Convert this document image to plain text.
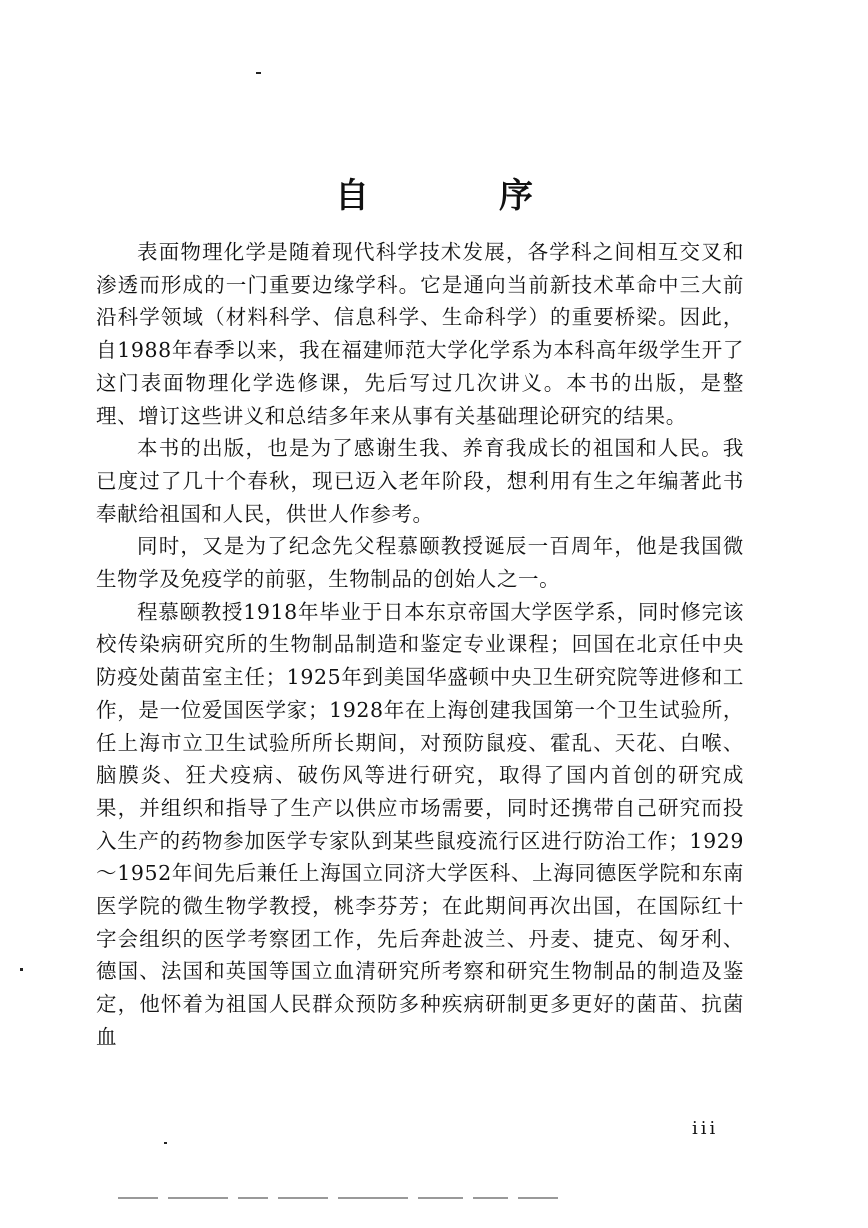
自　序

表面物理化学是随着现代科学技术发展，各学科之间相互交叉和渗透而形成的一门重要边缘学科。它是通向当前新技术革命中三大前沿科学领域（材料科学、信息科学、生命科学）的重要桥梁。因此，自1988年春季以来，我在福建师范大学化学系为本科高年级学生开了这门表面物理化学选修课，先后写过几次讲义。本书的出版，是整理、增订这些讲义和总结多年来从事有关基础理论研究的结果。

本书的出版，也是为了感谢生我、养育我成长的祖国和人民。我已度过了几十个春秋，现已迈入老年阶段，想利用有生之年编著此书奉献给祖国和人民，供世人作参考。

同时，又是为了纪念先父程慕颐教授诞辰一百周年，他是我国微生物学及免疫学的前驱，生物制品的创始人之一。

程慕颐教授1918年毕业于日本东京帝国大学医学系，同时修完该校传染病研究所的生物制品制造和鉴定专业课程；回国在北京任中央防疫处菌苗室主任；1925年到美国华盛顿中央卫生研究院等进修和工作，是一位爱国医学家；1928年在上海创建我国第一个卫生试验所，任上海市立卫生试验所所长期间，对预防鼠疫、霍乱、天花、白喉、脑膜炎、狂犬疫病、破伤风等进行研究，取得了国内首创的研究成果，并组织和指导了生产以供应市场需要，同时还携带自己研究而投入生产的药物参加医学专家队到某些鼠疫流行区进行防治工作；1929～1952年间先后兼任上海国立同济大学医科、上海同德医学院和东南医学院的微生物学教授，桃李芬芳；在此期间再次出国，在国际红十字会组织的医学考察团工作，先后奔赴波兰、丹麦、捷克、匈牙利、德国、法国和英国等国立血清研究所考察和研究生物制品的制造及鉴定，他怀着为祖国人民群众预防多种疾病研制更多更好的菌苗、抗菌血

iii
